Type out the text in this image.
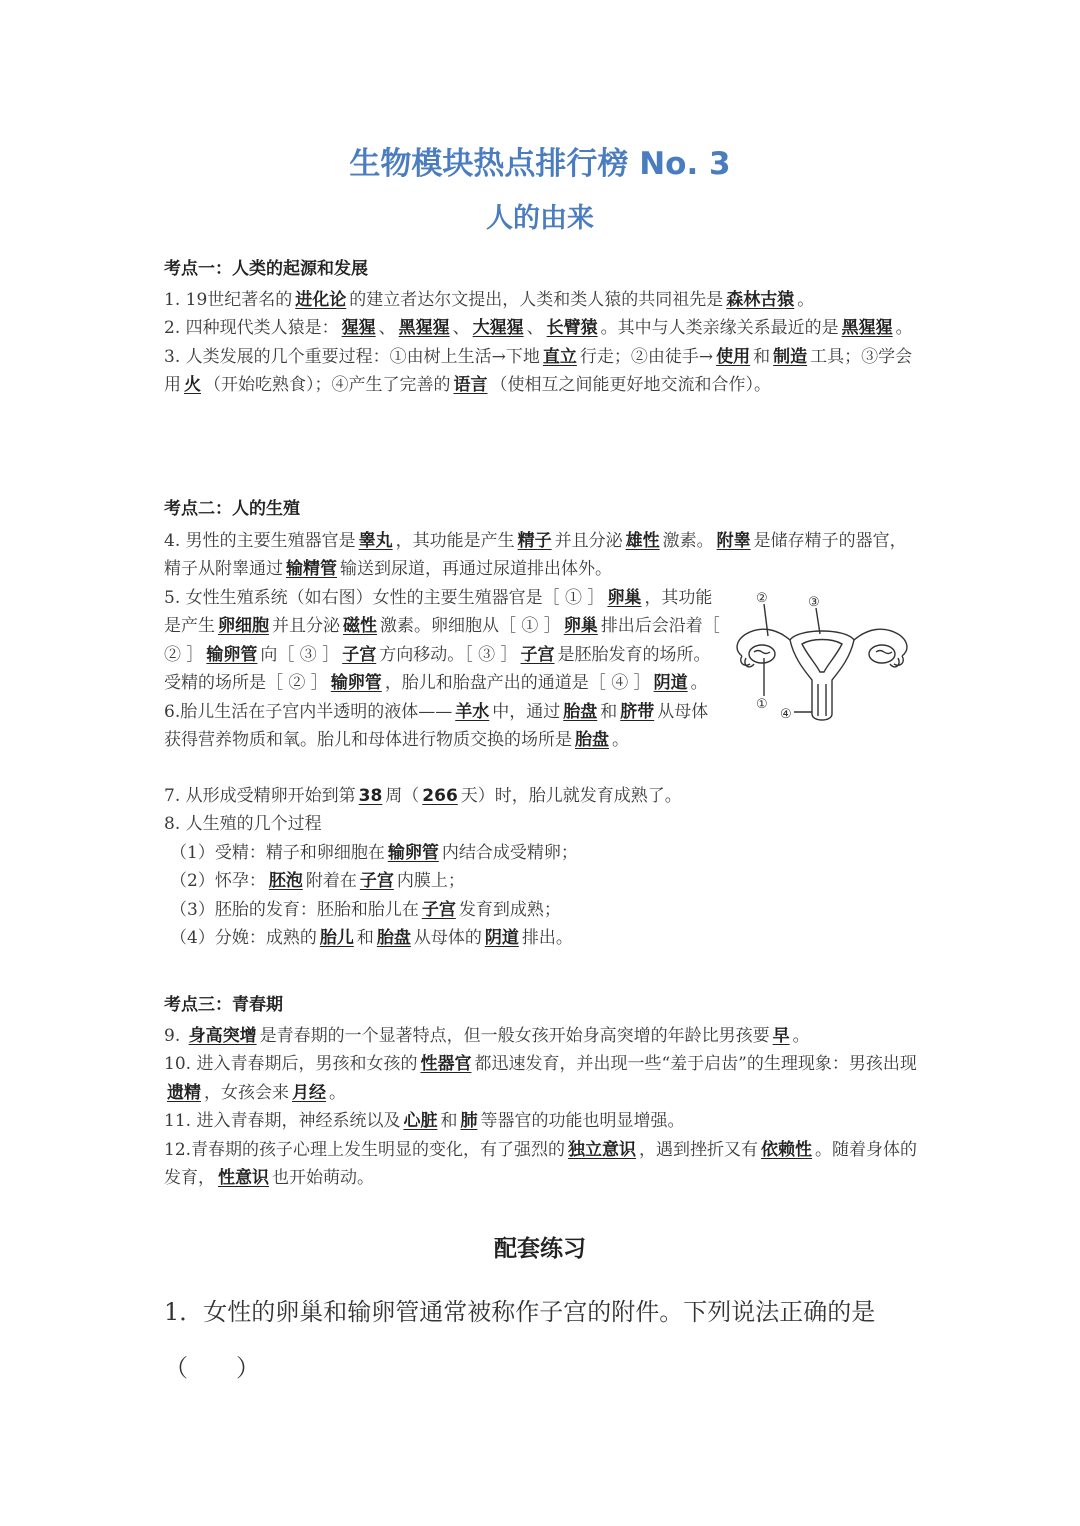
生物模块热点排行榜 No. 3
人的由来
考点一：人类的起源和发展

1. 19世纪著名的 进化论 的建立者达尔文提出，人类和类人猿的共同祖先是 森林古猿 。

2. 四种现代类人猿是： 猩猩 、 黑猩猩 、 大猩猩 、 长臂猿 。其中与人类亲缘关系最近的是 黑猩猩 。

3. 人类发展的几个重要过程：①由树上生活→下地 直立 行走；②由徒手→ 使用 和 制造 工具；③学会用 火 （开始吃熟食）；④产生了完善的 语言 （使相互之间能更好地交流和合作）。

考点二：人的生殖

4. 男性的主要生殖器官是 睾丸 ，其功能是产生 精子 并且分泌 雄性 激素。 附睾 是储存精子的器官，精子从附睾通过 输精管 输送到尿道，再通过尿道排出体外。

5. 女性生殖系统（如右图）女性的主要生殖器官是［ ① ］ 卵巢 ，其功能是产生 卵细胞 并且分泌 磁性 激素。卵细胞从［ ① ］ 卵巢 排出后会沿着［ ② ］ 输卵管 向［ ③ ］ 子宫 方向移动。［ ③ ］ 子宫 是胚胎发育的场所。受精的场所是［ ② ］ 输卵管 ，胎儿和胎盘产出的通道是［ ④ ］ 阴道 。

6.胎儿生活在子宫内半透明的液体—— 羊水 中，通过 胎盘 和 脐带 从母体获得营养物质和氧。胎儿和母体进行物质交换的场所是 胎盘 。

7. 从形成受精卵开始到第 38 周（ 266 天）时，胎儿就发育成熟了。

8. 人生殖的几个过程

（1）受精：精子和卵细胞在 输卵管 内结合成受精卵；

（2）怀孕： 胚泡 附着在 子宫 内膜上；

（3）胚胎的发育：胚胎和胎儿在 子宫 发育到成熟；

（4）分娩：成熟的 胎儿 和 胎盘 从母体的 阴道 排出。

②	③
①
④
考点三：青春期

9. 身高突增 是青春期的一个显著特点，但一般女孩开始身高突增的年龄比男孩要 早 。

10. 进入青春期后，男孩和女孩的 性器官 都迅速发育，并出现一些“羞于启齿”的生理现象：男孩出现遗精 ，女孩会来 月经 。

11. 进入青春期，神经系统以及 心脏 和 肺 等器官的功能也明显增强。

12.青春期的孩子心理上发生明显的变化，有了强烈的 独立意识 ，遇到挫折又有 依赖性 。随着身体的发育， 性意识 也开始萌动。

配套练习

1．女性的卵巢和输卵管通常被称作子宫的附件。下列说法正确的是（　　）
